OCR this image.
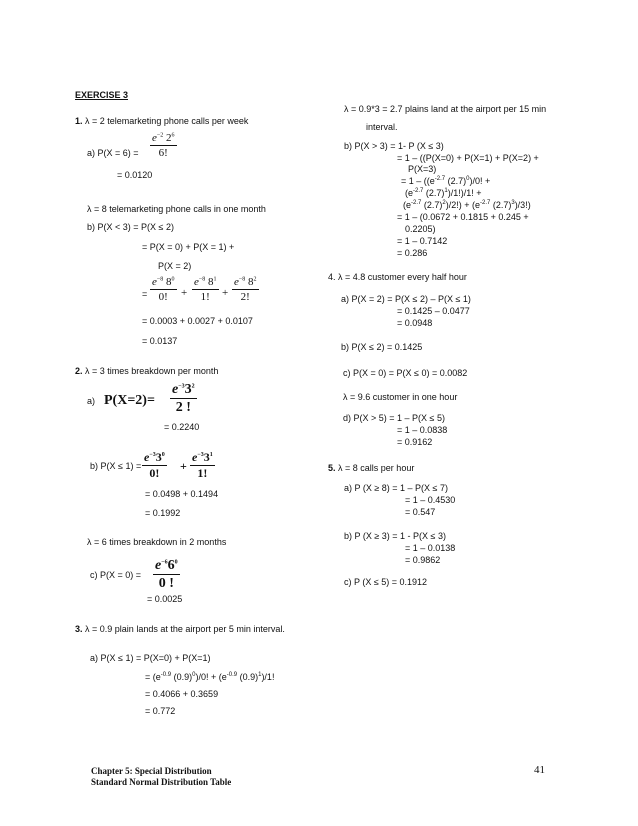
EXERCISE 3
1. λ = 2 telemarketing phone calls per week
a) P(X = 6) =
$e^{-2}$ $2^6$
6!
= 0.0120
λ = 8 telemarketing phone calls in one month
b) P(X < 3) = P(X ≤ 2)
= P(X = 0) + P(X = 1) +
P(X = 2)
=
$e^{-8}$ $8^0$
0! +
$e^{-8}$ $8^1$
1! +
$e^{-8}$ $8^2$
2!
= 0.0003 + 0.0027 + 0.0107
= 0.0137
2. λ = 3 times breakdown per month
a) P(X=2)=
$e^{-3}3^2$
2 !
= 0.2240
b) P(X ≤ 1) =
$e^{-3}3^0$
0! +
$e^{-3}3^1$
1!
= 0.0498 + 0.1494
= 0.1992
λ = 6 times breakdown in 2 months
c) P(X = 0) =
$e^{-6}6^0$
0 !
= 0.0025
3. λ = 0.9 plain lands at the airport per 5 min interval.
a) P(X ≤ 1) = P(X=0) + P(X=1)
= ($e^{-0.9}$ $(0.9)^0)/0$! + ($e^{-0.9}$ $(0.9)^1)/1$!
= 0.4066 + 0.3659
= 0.772
λ = 0.9*3 = 2.7 plains land at the airport per 15 min
interval.
b) P(X > 3) = 1- P (X ≤ 3)
= 1 – ((P(X=0) + P(X=1) + P(X=2) +
P(X=3)
= $1 - ((e^{-2.7}$ $(2.7)^0)/0$! +
($e^{-2.7}$ $(2.7)^1)/1!)/1$! +
($e^{-2.7}$ $(2.7)^2)/2!) + (e^{-2.7}$ $(2.7)^3)/3$!)
= 1 – (0.0672 + 0.1815 + 0.245 +
0.2205)
= 1 – 0.7142
= 0.286
4. λ = 4.8 customer every half hour
a) P(X = 2) = P(X ≤ 2) – P(X ≤ 1)
= 0.1425 – 0.0477
= 0.0948
b) P(X ≤ 2) = 0.1425
c) P(X = 0) = P(X ≤ 0) = 0.0082
λ = 9.6 customer in one hour
d) P(X > 5) = 1 – P(X ≤ 5)
= 1 – 0.0838
= 0.9162
5. λ = 8 calls per hour
a) P (X ≥ 8) = 1 – P(X ≤ 7)
= 1 – 0.4530
= 0.547
b) P (X ≥ 3) = 1 - P(X ≤ 3)
= 1 – 0.0138
= 0.9862
c) P (X ≤ 5) = 0.1912
Chapter 5: Special Distribution
Standard Normal Distribution Table
41
